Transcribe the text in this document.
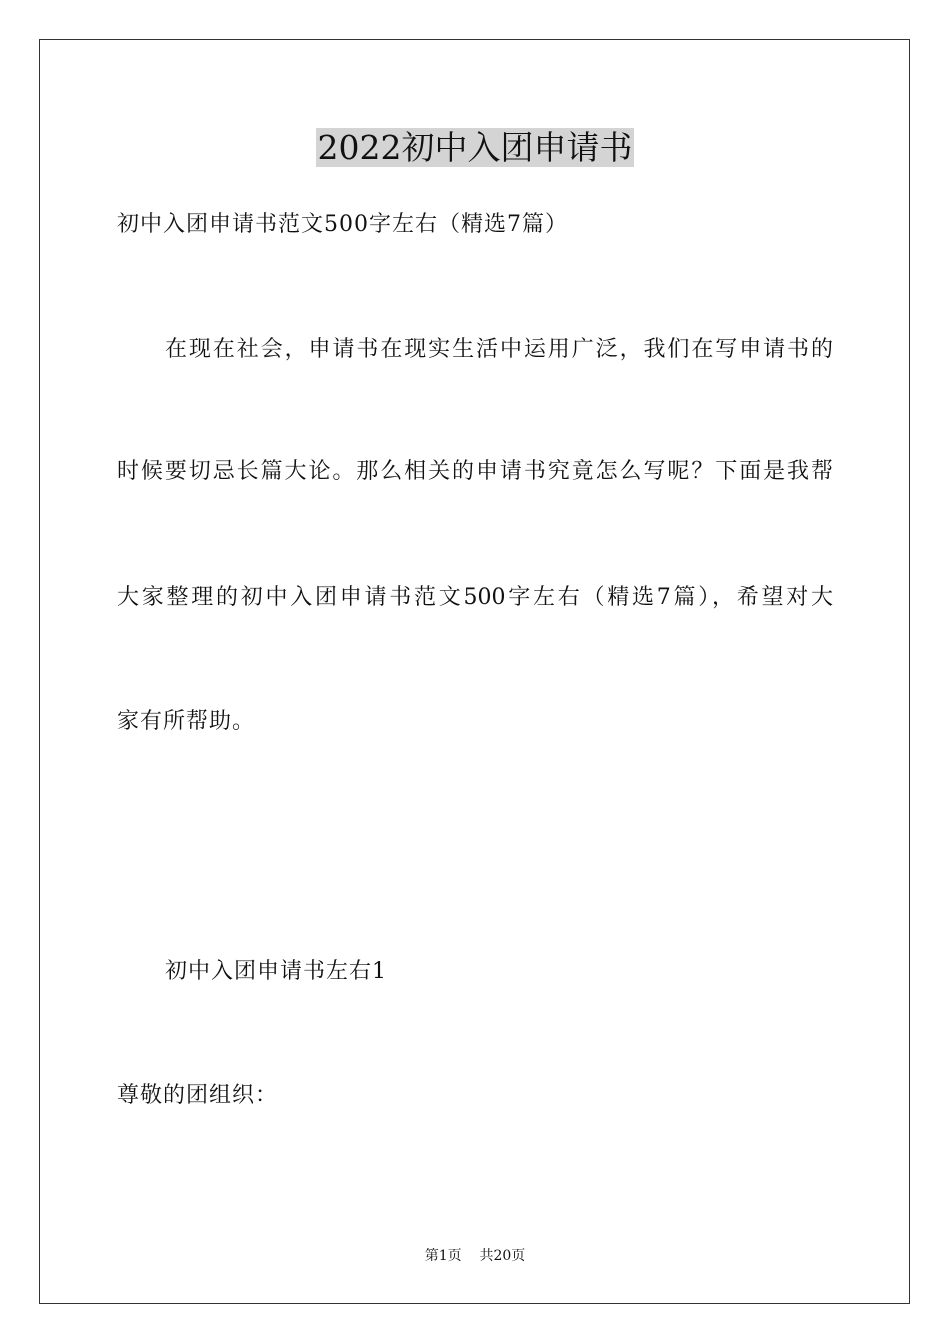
2022初中入团申请书

初中入团申请书范文500字左右（精选7篇）

在现在社会，申请书在现实生活中运用广泛，我们在写申请书的

时候要切忌长篇大论。那么相关的申请书究竟怎么写呢？下面是我帮

大家整理的初中入团申请书范文500字左右（精选7篇），希望对大

家有所帮助。

初中入团申请书左右1

尊敬的团组织：

第1页    共20页
